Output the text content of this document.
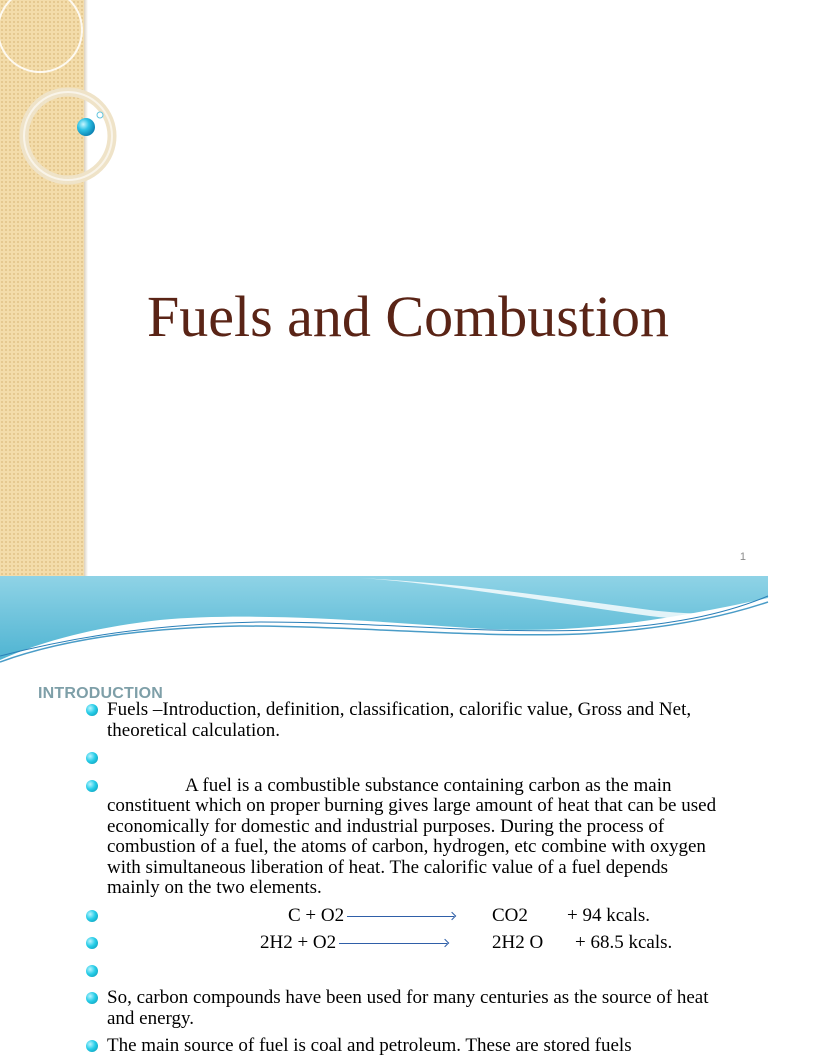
Fuels and Combustion
1
INTRODUCTION
Fuels –Introduction, definition, classification, calorific value, Gross and Net, theoretical calculation.
A fuel is a combustible substance containing carbon as the main constituent which on proper burning gives large amount of heat that can be used economically for domestic and industrial purposes. During the process of combustion of a fuel, the atoms of carbon, hydrogen, etc combine with oxygen with simultaneous liberation of heat. The calorific value of a fuel depends mainly on the two elements.
C + O2	CO2 + 94 kcals.
2H2 + O2	2H2 O + 68.5 kcals.
So, carbon compounds have been used for many centuries as the source of heat and energy.
The main source of fuel is coal and petroleum. These are stored fuels
